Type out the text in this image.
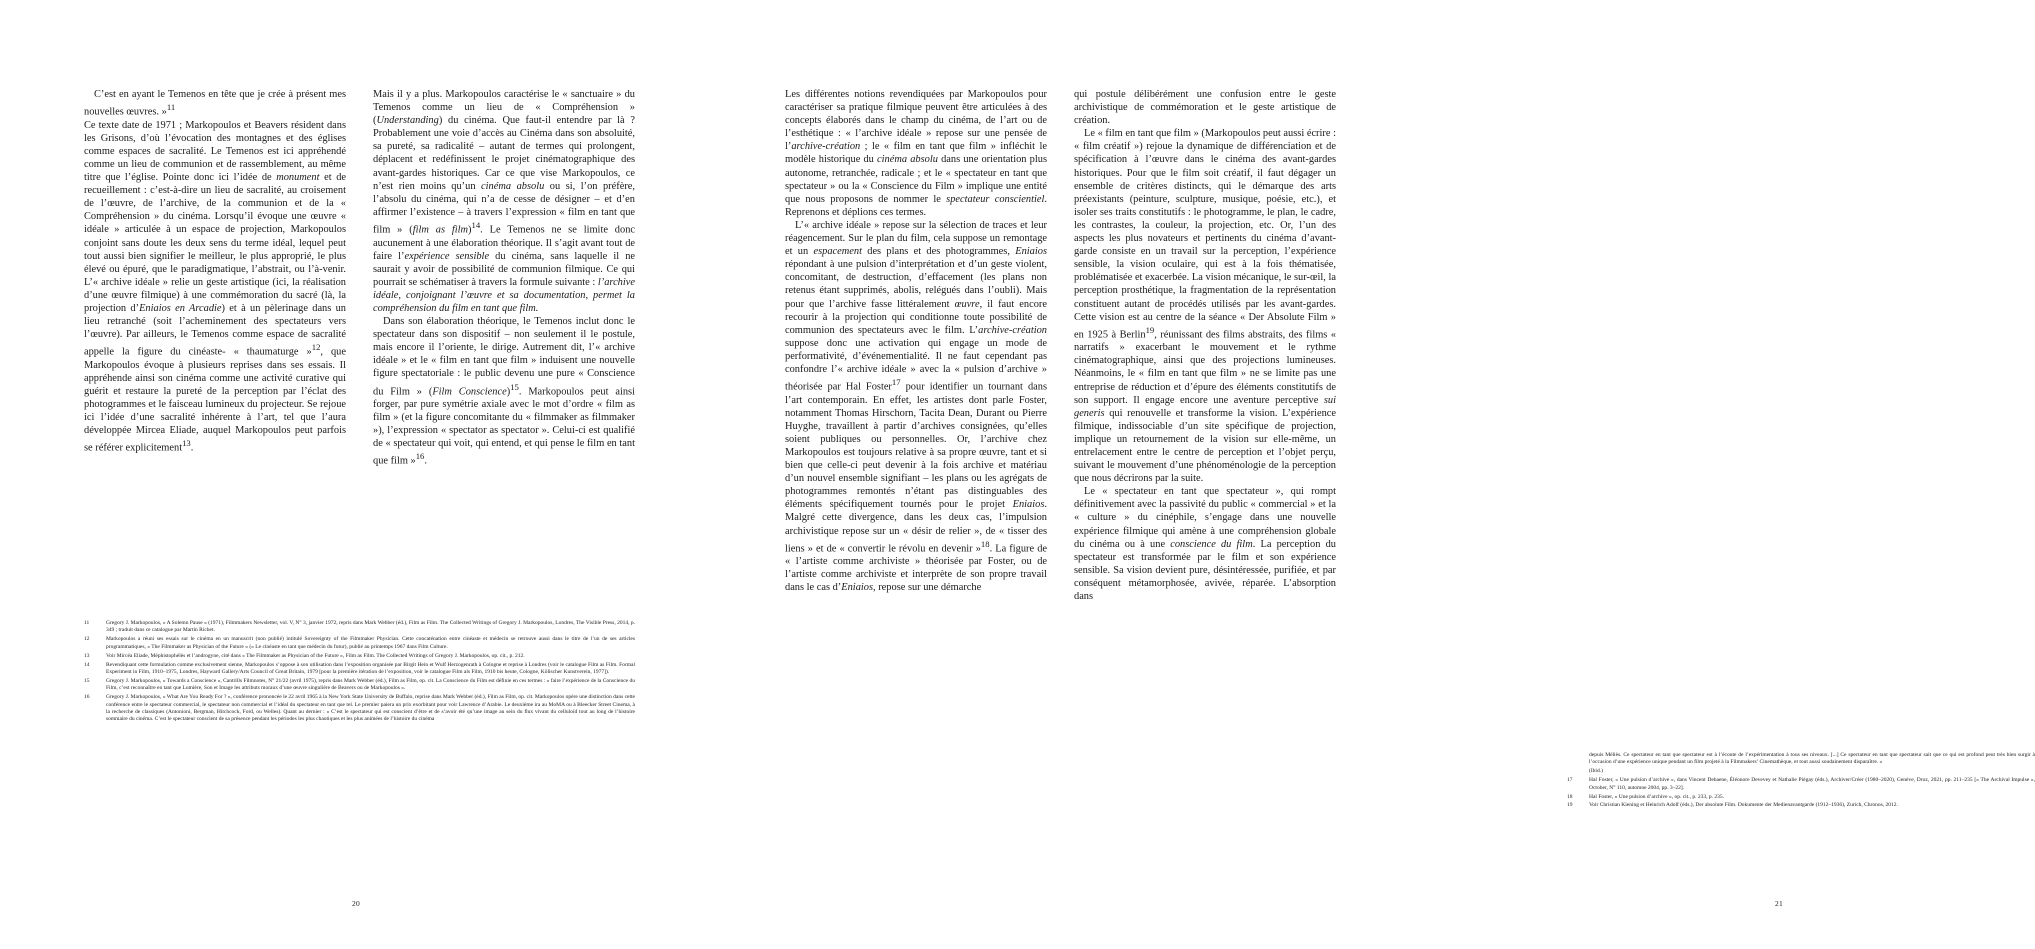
C’est en ayant le Temenos en tête que je crée à présent mes nouvelles œuvres. »$^{11}$

Ce texte date de 1971 ; Markopoulos et Beavers résident dans les Grisons, d’où l’évocation des montagnes et des églises comme espaces de sacralité. Le Temenos est ici appréhendé comme un lieu de communion et de rassemblement, au même titre que l’église. Pointe donc ici l’idée de monument et de recueillement : c’est-à-dire un lieu de sacralité, au croisement de l’œuvre, de l’archive, de la communion et de la « Compréhension » du cinéma. Lorsqu’il évoque une œuvre « idéale » articulée à un espace de projection, Markopoulos conjoint sans doute les deux sens du terme idéal, lequel peut tout aussi bien signifier le meilleur, le plus approprié, le plus élevé ou épuré, que le paradigmatique, l’abstrait, ou l’à-venir. L’« archive idéale » relie un geste artistique (ici, la réalisation d’une œuvre filmique) à une commémoration du sacré (là, la projection d’Eniaios en Arcadie) et à un pèlerinage dans un lieu retranché (soit l’acheminement des spectateurs vers l’œuvre). Par ailleurs, le Temenos comme espace de sacralité appelle la figure du cinéaste- « thaumaturge »$^{12}$, que Markopoulos évoque à plusieurs reprises dans ses essais. Il appréhende ainsi son cinéma comme une activité curative qui guérit et restaure la pureté de la perception par l’éclat des photogrammes et le faisceau lumineux du projecteur. Se rejoue ici l’idée d’une sacralité inhérente à l’art, tel que l’aura développée Mircea Eliade, auquel Markopoulos peut parfois se référer explicitement$^{13}$.

Mais il y a plus. Markopoulos caractérise le « sanctuaire » du Temenos comme un lieu de « Compréhension » (Understanding) du cinéma. Que faut-il entendre par là ? Probablement une voie d’accès au Cinéma dans son absoluité, sa pureté, sa radicalité – autant de termes qui prolongent, déplacent et redéfinissent le projet cinématographique des avant-gardes historiques. Car ce que vise Markopoulos, ce n’est rien moins qu’un cinéma absolu ou si, l’on préfère, l’absolu du cinéma, qui n’a de cesse de désigner – et d’en affirmer l’existence – à travers l’expression « film en tant que film » (film as film)$^{14}$. Le Temenos ne se limite donc aucunement à une élaboration théorique. Il s’agit avant tout de faire l’expérience sensible du cinéma, sans laquelle il ne saurait y avoir de possibilité de communion filmique. Ce qui pourrait se schématiser à travers la formule suivante : l’archive idéale, conjoignant l’œuvre et sa documentation, permet la compréhension du film en tant que film.

Dans son élaboration théorique, le Temenos inclut donc le spectateur dans son dispositif – non seulement il le postule, mais encore il l’oriente, le dirige. Autrement dit, l’« archive idéale » et le « film en tant que film » induisent une nouvelle figure spectatoriale : le public devenu une pure « Conscience du Film » (Film Conscience)$^{15}$. Markopoulos peut ainsi forger, par pure symétrie axiale avec le mot d’ordre « film as film » (et la figure concomitante du « filmmaker as filmmaker »), l’expression « spectator as spectator ». Celui-ci est qualifié de « spectateur qui voit, qui entend, et qui pense le film en tant que film »$^{16}$.

11	Gregory J. Markopoulos, « A Solemn Pause » (1971), Filmmakers Newsletter, vol. V, N° 3, janvier 1972, repris dans Mark Webber (éd.), Film as Film. The Collected Writings of Gregory J. Markopoulos, Londres, The Visible Press, 2014, p. 349 ; traduit dans ce catalogue par Martin Richet.
12	Markopoulos a réuni ses essais sur le cinéma en un manuscrit (non publié) intitulé Sovereignty of the Filmmaker Physician. Cette concaténation entre cinéaste et médecin se retrouve aussi dans le titre de l’un de ses articles programmatiques, « The Filmmaker as Physician of the Future » (« Le cinéaste en tant que médecin du futur), publié au printemps 1967 dans Film Culture.
13	Voir Mircéa Eliade, Méphistophélès et l’androgyne, cité dans « The Filmmaker as Physician of the Future », Film as Film. The Collected Writings of Gregory J. Markopoulos, op. cit., p. 212.
14	Revendiquant cette formulation comme exclusivement sienne, Markopoulos s’oppose à son utilisation dans l’exposition organisée par Birgit Hein et Wulf Herzogenrath à Cologne et reprise à Londres (voir le catalogue Film as Film. Formal Experiment in Film, 1910–1975, Londres, Hayward Gallery/Arts Council of Great Britain, 1979 [pour la première itération de l’exposition, voir le catalogue Film als Film, 1910 bis heute, Cologne, Kölischer Kunstverein, 1977]).
15	Gregory J. Markopoulos, « Towards a Conscience », Cantrills Filmnotes, N° 21/22 (avril 1975), repris dans Mark Webber (éd.), Film as Film, op. cit. La Conscience du Film est définie en ces termes : « faire l’expérience de la Conscience du Film, c’est reconnaître en tant que Lumière, Son et Image les attributs moraux d’une œuvre singulière de Beavers ou de Markopoulos ».
16	Gregory J. Markopoulos, « What Are You Ready For ? », conférence prononcée le 22 avril 1965 à la New York State University de Buffalo, reprise dans Mark Webber (éd.), Film as Film, op. cit. Markopoulos opère une distinction dans cette conférence entre le spectateur commercial, le spectateur non commercial et l’idéal du spectateur en tant que tel. Le premier paiera un prix exorbitant pour voir Lawrence d’Arabie. Le deuxième ira au MoMA ou à Bleecker Street Cinema, à la recherche de classiques (Antonioni, Bergman, Hitchcock, Ford, ou Welles). Quant au dernier : « C’est le spectateur qui est conscient d’être et de s’avoir été qu’une image au sein du flux vivant du celluloïd tout au long de l’histoire sommaire du cinéma. C’est le spectateur conscient de sa présence pendant les périodes les plus chaotiques et les plus animées de l’histoire du cinéma
20

Les différentes notions revendiquées par Markopoulos pour caractériser sa pratique filmique peuvent être articulées à des concepts élaborés dans le champ du cinéma, de l’art ou de l’esthétique : « l’archive idéale » repose sur une pensée de l’archive-création ; le « film en tant que film » infléchit le modèle historique du cinéma absolu dans une orientation plus autonome, retranchée, radicale ; et le « spectateur en tant que spectateur » ou la « Conscience du Film » implique une entité que nous proposons de nommer le spectateur conscientiel. Reprenons et déplions ces termes.

L’« archive idéale » repose sur la sélection de traces et leur réagencement. Sur le plan du film, cela suppose un remontage et un espacement des plans et des photogrammes, Eniaios répondant à une pulsion d’interprétation et d’un geste violent, concomitant, de destruction, d’effacement (les plans non retenus étant supprimés, abolis, relégués dans l’oubli). Mais pour que l’archive fasse littéralement œuvre, il faut encore recourir à la projection qui conditionne toute possibilité de communion des spectateurs avec le film. L’archive-création suppose donc une activation qui engage un mode de performativité, d’événementialité. Il ne faut cependant pas confondre l’« archive idéale » avec la « pulsion d’archive » théorisée par Hal Foster$^{17}$ pour identifier un tournant dans l’art contemporain. En effet, les artistes dont parle Foster, notamment Thomas Hirschorn, Tacita Dean, Durant ou Pierre Huyghe, travaillent à partir d’archives consignées, qu’elles soient publiques ou personnelles. Or, l’archive chez Markopoulos est toujours relative à sa propre œuvre, tant et si bien que celle-ci peut devenir à la fois archive et matériau d’un nouvel ensemble signifiant – les plans ou les agrégats de photogrammes remontés n’étant pas distinguables des éléments spécifiquement tournés pour le projet Eniaios. Malgré cette divergence, dans les deux cas, l’impulsion archivistique repose sur un « désir de relier », de « tisser des liens » et de « convertir le révolu en devenir »$^{18}$. La figure de « l’artiste comme archiviste » théorisée par Foster, ou de l’artiste comme archiviste et interprète de son propre travail dans le cas d’Eniaios, repose sur une démarche

qui postule délibérément une confusion entre le geste archivistique de commémoration et le geste artistique de création.

Le « film en tant que film » (Markopoulos peut aussi écrire : « film créatif ») rejoue la dynamique de différenciation et de spécification à l’œuvre dans le cinéma des avant-gardes historiques. Pour que le film soit créatif, il faut dégager un ensemble de critères distincts, qui le démarque des arts préexistants (peinture, sculpture, musique, poésie, etc.), et isoler ses traits constitutifs : le photogramme, le plan, le cadre, les contrastes, la couleur, la projection, etc. Or, l’un des aspects les plus novateurs et pertinents du cinéma d’avant-garde consiste en un travail sur la perception, l’expérience sensible, la vision oculaire, qui est à la fois thématisée, problématisée et exacerbée. La vision mécanique, le sur-œil, la perception prosthétique, la fragmentation de la représentation constituent autant de procédés utilisés par les avant-gardes. Cette vision est au centre de la séance « Der Absolute Film » en 1925 à Berlin$^{19}$, réunissant des films abstraits, des films « narratifs » exacerbant le mouvement et le rythme cinématographique, ainsi que des projections lumineuses. Néanmoins, le « film en tant que film » ne se limite pas une entreprise de réduction et d’épure des éléments constitutifs de son support. Il engage encore une aventure perceptive sui generis qui renouvelle et transforme la vision. L’expérience filmique, indissociable d’un site spécifique de projection, implique un retournement de la vision sur elle-même, un entrelacement entre le centre de perception et l’objet perçu, suivant le mouvement d’une phénoménologie de la perception que nous décrirons par la suite.

Le « spectateur en tant que spectateur », qui rompt définitivement avec la passivité du public « commercial » et la « culture » du cinéphile, s’engage dans une nouvelle expérience filmique qui amène à une compréhension globale du cinéma ou à une conscience du film. La perception du spectateur est transformée par le film et son expérience sensible. Sa vision devient pure, désintéressée, purifiée, et par conséquent métamorphosée, avivée, réparée. L’absorption dans

depuis Méliès. Ce spectateur en tant que spectateur est à l’écoute de l’expérimentation à tous ses niveaux. [...] Ce spectateur en tant que spectateur sait que ce qui est profond peut très bien surgir à l’occasion d’une expérience unique pendant un film projeté à la Filmmakers’ Cinemathèque, et tout aussi soudainement disparaître. »
(Ibid.)
17	Hal Foster, « Une pulsion d’archive », dans Vincent Debaene, Éléonore Devevey et Nathalie Piégay (éds.), Archiver/Créer (1980–2020), Genève, Droz, 2021, pp. 211–235 [« The Archival Impulse », October, N° 110, automne 2004, pp. 3–22].
18	Hal Foster, « Une pulsion d’archive », op. cit., p. 233, p. 235.
19	Voir Christian Kiening et Heinrich Adolf (éds.), Der absolute Film. Dokumente der Medienavantgarde (1912–1936), Zurich, Chronos, 2012.
21
